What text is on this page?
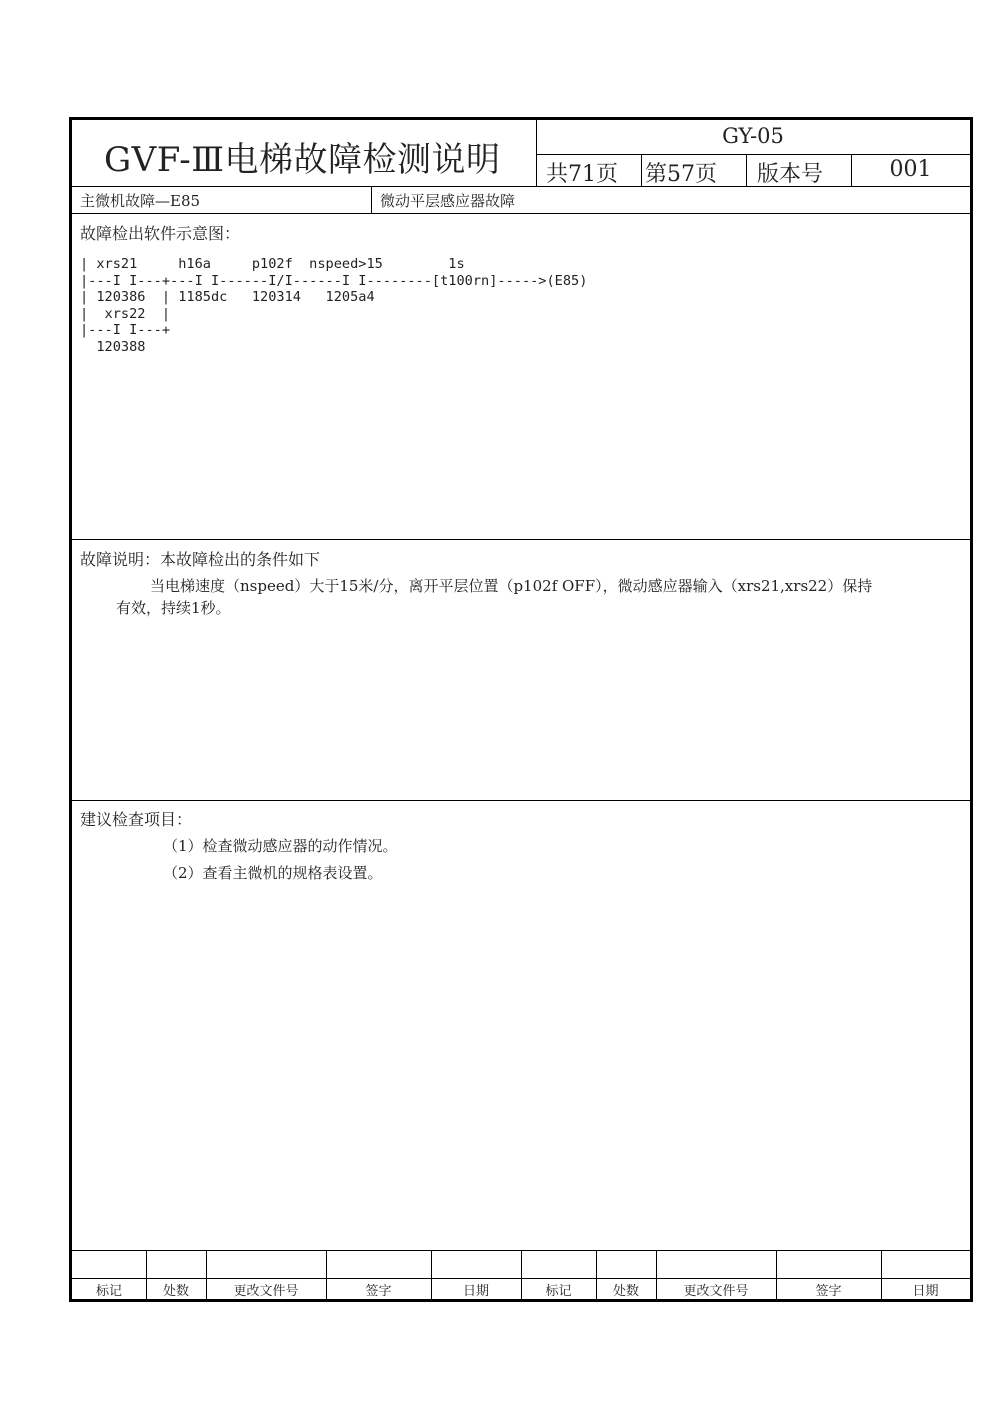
GVF-Ⅲ电梯故障检测说明
GY-05
共71页 第57页 版本号	001
主微机故障—E85	微动平层感应器故障
故障检出软件示意图：
| xrs21     h16a     p102f  nspeed>15        1s
|---I I---+---I I------I/I------I I--------[t100rn]----->(E85)
| 120386  | 1185dc   120314   1205a4
|  xrs22  |
|---I I---+
120388
故障说明：本故障检出的条件如下
当电梯速度（nspeed）大于15米/分，离开平层位置（p102f OFF），微动感应器输入（xrs21,xrs22）保持
有效，持续1秒。
建议检查项目：
（1）检查微动感应器的动作情况。
（2）查看主微机的规格表设置。
标记	处数	更改文件号	签字	日期	标记	处数	更改文件号	签字	日期
